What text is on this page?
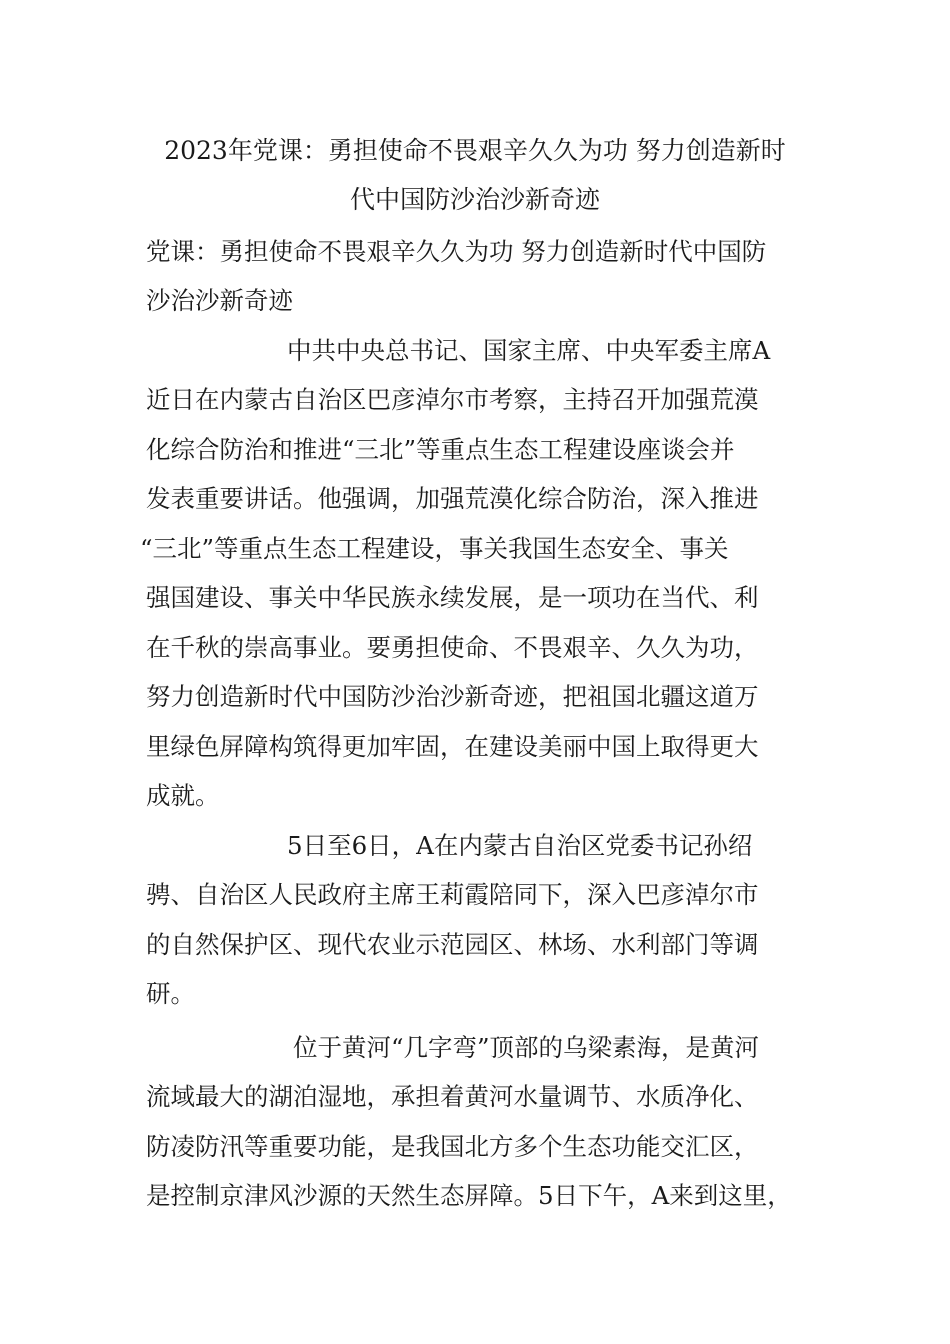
2023年党课：勇担使命不畏艰辛久久为功 努力创造新时
代中国防沙治沙新奇迹

党课：勇担使命不畏艰辛久久为功 努力创造新时代中国防

沙治沙新奇迹

中共中央总书记、国家主席、中央军委主席A

近日在内蒙古自治区巴彦淖尔市考察，主持召开加强荒漠

化综合防治和推进“三北”等重点生态工程建设座谈会并

发表重要讲话。他强调，加强荒漠化综合防治，深入推进

“三北”等重点生态工程建设，事关我国生态安全、事关

强国建设、事关中华民族永续发展，是一项功在当代、利

在千秋的崇高事业。要勇担使命、不畏艰辛、久久为功，

努力创造新时代中国防沙治沙新奇迹，把祖国北疆这道万

里绿色屏障构筑得更加牢固，在建设美丽中国上取得更大

成就。

5日至6日，A在内蒙古自治区党委书记孙绍

骋、自治区人民政府主席王莉霞陪同下，深入巴彦淖尔市

的自然保护区、现代农业示范园区、林场、水利部门等调

研。

位于黄河“几字弯”顶部的乌梁素海，是黄河

流域最大的湖泊湿地，承担着黄河水量调节、水质净化、

防凌防汛等重要功能，是我国北方多个生态功能交汇区，

是控制京津风沙源的天然生态屏障。5日下午，A来到这里，
